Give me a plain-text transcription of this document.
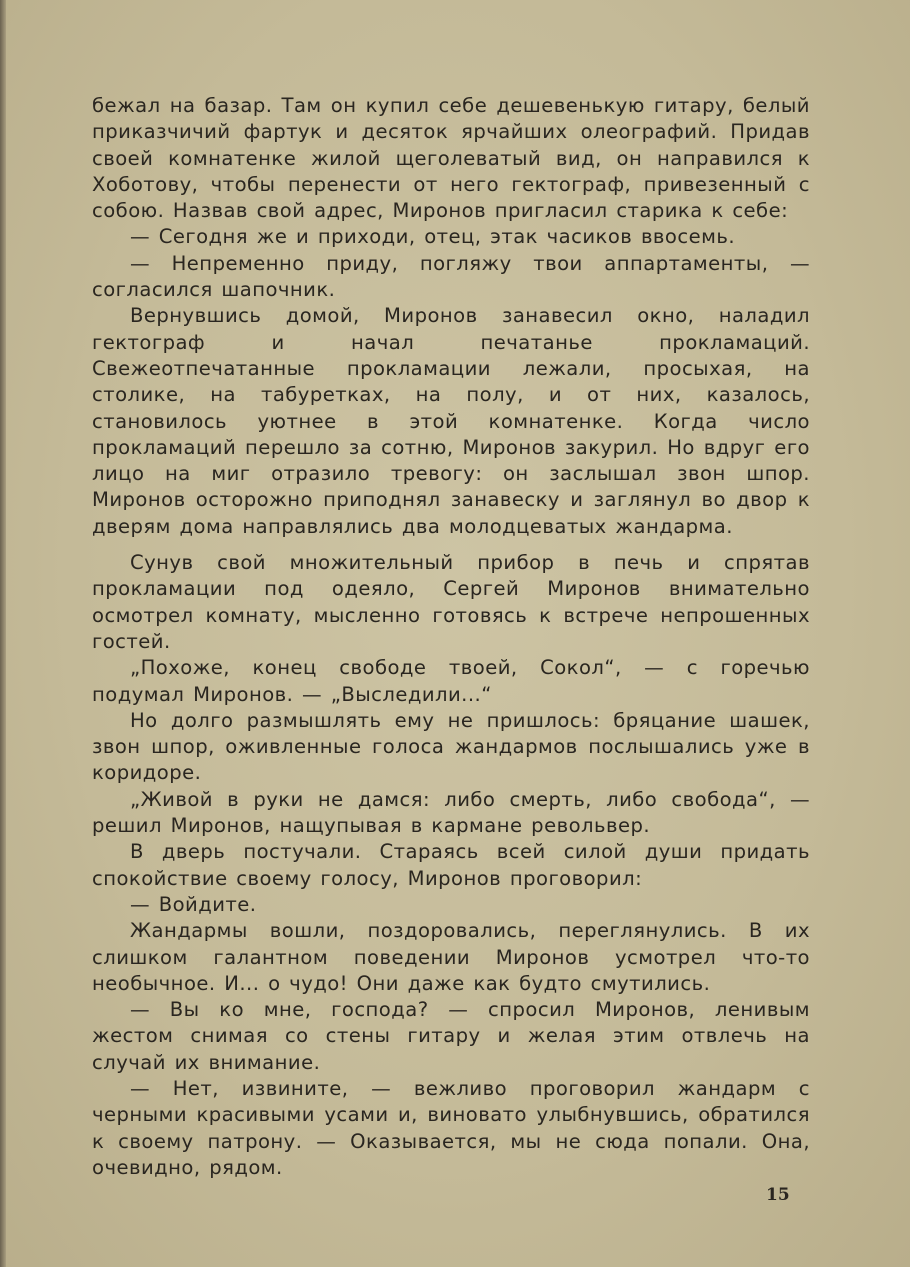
бежал на базар. Там он купил себе дешевенькую гитару, белый приказчичий фартук и десяток ярчайших олеографий. Придав своей комнатенке жилой щеголеватый вид, он направился к Хоботову, чтобы перенести от него гектограф, привезенный с собою. Назвав свой адрес, Миронов пригласил старика к себе:

— Сегодня же и приходи, отец, этак часиков ввосемь.

— Непременно приду, погляжу твои аппартаменты, — согласился шапочник.

Вернувшись домой, Миронов занавесил окно, наладил гектограф и начал печатанье прокламаций. Свежеотпечатанные прокламации лежали, просыхая, на столике, на табуретках, на полу, и от них, казалось, становилось уютнее в этой комнатенке. Когда число прокламаций перешло за сотню, Миронов закурил. Но вдруг его лицо на миг отразило тревогу: он заслышал звон шпор. Миронов осторожно приподнял занавеску и заглянул во двор к дверям дома направлялись два молодцеватых жандарма.

Сунув свой множительный прибор в печь и спрятав прокламации под одеяло, Сергей Миронов внимательно осмотрел комнату, мысленно готовясь к встрече непрошенных гостей.

„Похоже, конец свободе твоей, Сокол“, — с горечью подумал Миронов. — „Выследили...“

Но долго размышлять ему не пришлось: бряцание шашек, звон шпор, оживленные голоса жандармов послышались уже в коридоре.

„Живой в руки не дамся: либо смерть, либо свобода“, — решил Миронов, нащупывая в кармане револьвер.

В дверь постучали. Стараясь всей силой души придать спокойствие своему голосу, Миронов проговорил:

— Войдите.

Жандармы вошли, поздоровались, переглянулись. В их слишком галантном поведении Миронов усмотрел что-то необычное. И... о чудо! Они даже как будто смутились.

— Вы ко мне, господа? — спросил Миронов, ленивым жестом снимая со стены гитару и желая этим отвлечь на случай их внимание.

— Нет, извините, — вежливо проговорил жандарм с черными красивыми усами и, виновато улыбнувшись, обратился к своему патрону. — Оказывается, мы не сюда попали. Она, очевидно, рядом.

15
